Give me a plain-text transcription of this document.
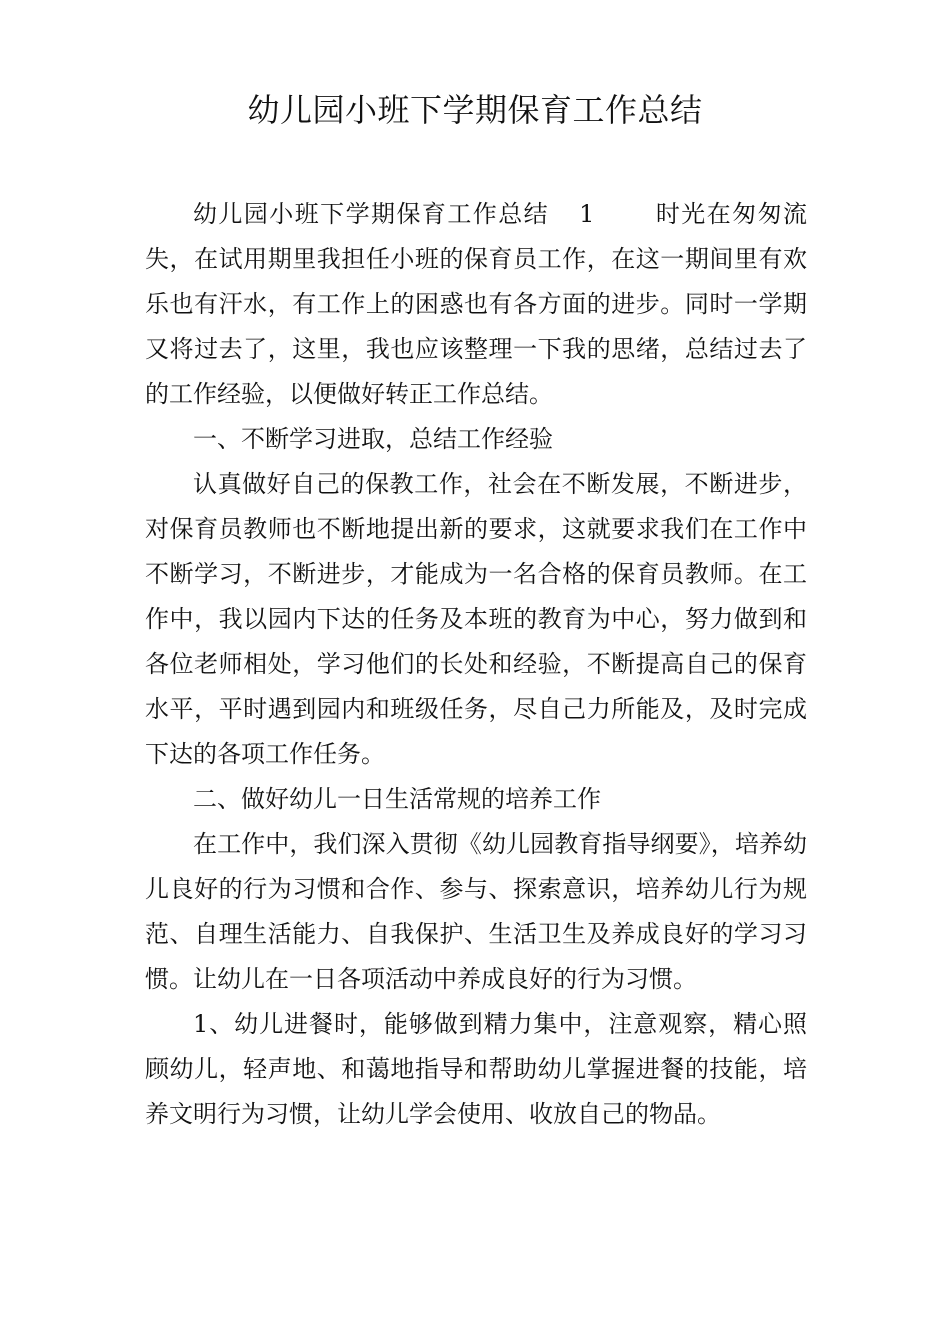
幼儿园小班下学期保育工作总结

幼儿园小班下学期保育工作总结 1	时光在匆匆流失，在试用期里我担任小班的保育员工作，在这一期间里有欢乐也有汗水，有工作上的困惑也有各方面的进步。同时一学期又将过去了，这里，我也应该整理一下我的思绪，总结过去了的工作经验，以便做好转正工作总结。

一、不断学习进取，总结工作经验

认真做好自己的保教工作，社会在不断发展，不断进步，对保育员教师也不断地提出新的要求，这就要求我们在工作中不断学习，不断进步，才能成为一名合格的保育员教师。在工作中，我以园内下达的任务及本班的教育为中心，努力做到和各位老师相处，学习他们的长处和经验，不断提高自己的保育水平，平时遇到园内和班级任务，尽自己力所能及，及时完成下达的各项工作任务。

二、做好幼儿一日生活常规的培养工作

在工作中，我们深入贯彻《幼儿园教育指导纲要》，培养幼儿良好的行为习惯和合作、参与、探索意识，培养幼儿行为规范、自理生活能力、自我保护、生活卫生及养成良好的学习习惯。让幼儿在一日各项活动中养成良好的行为习惯。

1、幼儿进餐时，能够做到精力集中，注意观察，精心照顾幼儿，轻声地、和蔼地指导和帮助幼儿掌握进餐的技能，培养文明行为习惯，让幼儿学会使用、收放自己的物品。
